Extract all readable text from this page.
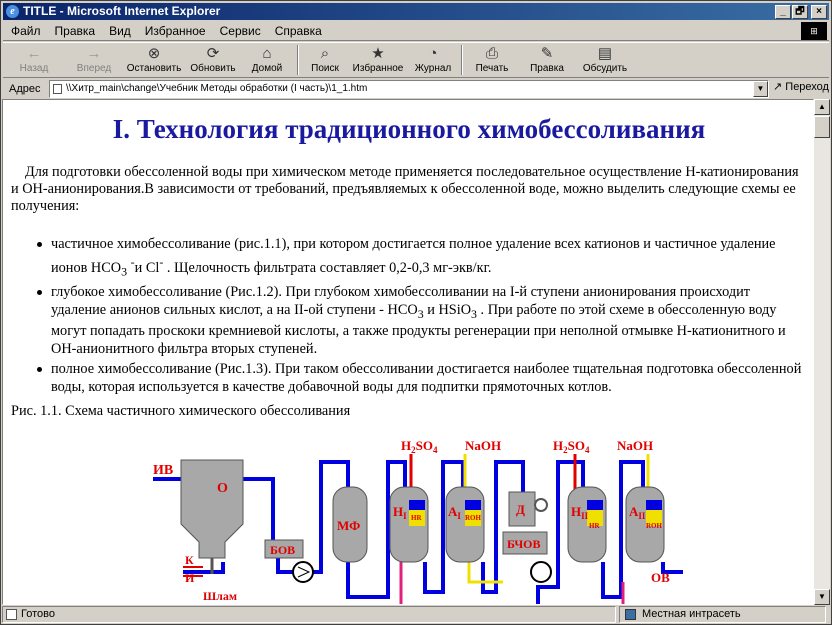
e TITLE - Microsoft Internet Explorer	_ 🗗	×
Файл Правка Вид Избранное Сервис Справка	⊞
←
Назад
→
Вперед
⊗
Остановить
⟳
Обновить
⌂
Домой
⌕
Поиск
★
Избранное
◔
Журнал
⎙
Печать
✎
Правка
▤
Обсудить
Адрес	\\Xитр_main\change\Учебник Методы обработки (I часть)\1_1.htm	▼ ↗ Переход
I. Технология традиционного химобессоливания

Для подготовки обессоленной воды при химическом методе применяется последовательное осуществление Н-катионирования и ОН-анионирования.В зависимости от требований, предъявляемых к обессоленной воде, можно выделить следующие схемы ее получения:

частичное химобессоливание (рис.1.1), при котором достигается полное удаление всех катионов и частичное удаление ионов $НСО_3$ -и Cl- . Щелочность фильтрата составляет 0,2-0,3 мг-экв/кг.
глубокое химобессоливание (Рис.1.2). При глубоком химобессоливании на I-й ступени анионирования происходит удаление анионов сильных кислот, а на II-ой ступени - $НСО_3$ и НSiO$_3$ . При работе по этой схеме в обессоленную воду могут попадать проскоки кремниевой кислоты, а также продукты регенерации при неполной отмывке Н-катионитного и ОН-анионитного фильтра вторых ступеней.
полное химобессоливание (Рис.1.3). При таком обессоливании достигается наиболее тщательная подготовка обессоленной воды, которая используется в качестве добавочной воды для подпитки прямоточных котлов.

Рис. 1.1. Схема частичного химического обессоливания

ИВ
О
К
И
Шлам
БОВ
МФ
$Н_I$ HR $А_I$ ROH
Д
БЧОВ
$Н_{II}$
HR
$А_{II}$
ROH
ОВ
$H_2SO_4$ NaOH	$H_2SO_4$ NaOH
▲
▼
Готово	Местная интрасеть
